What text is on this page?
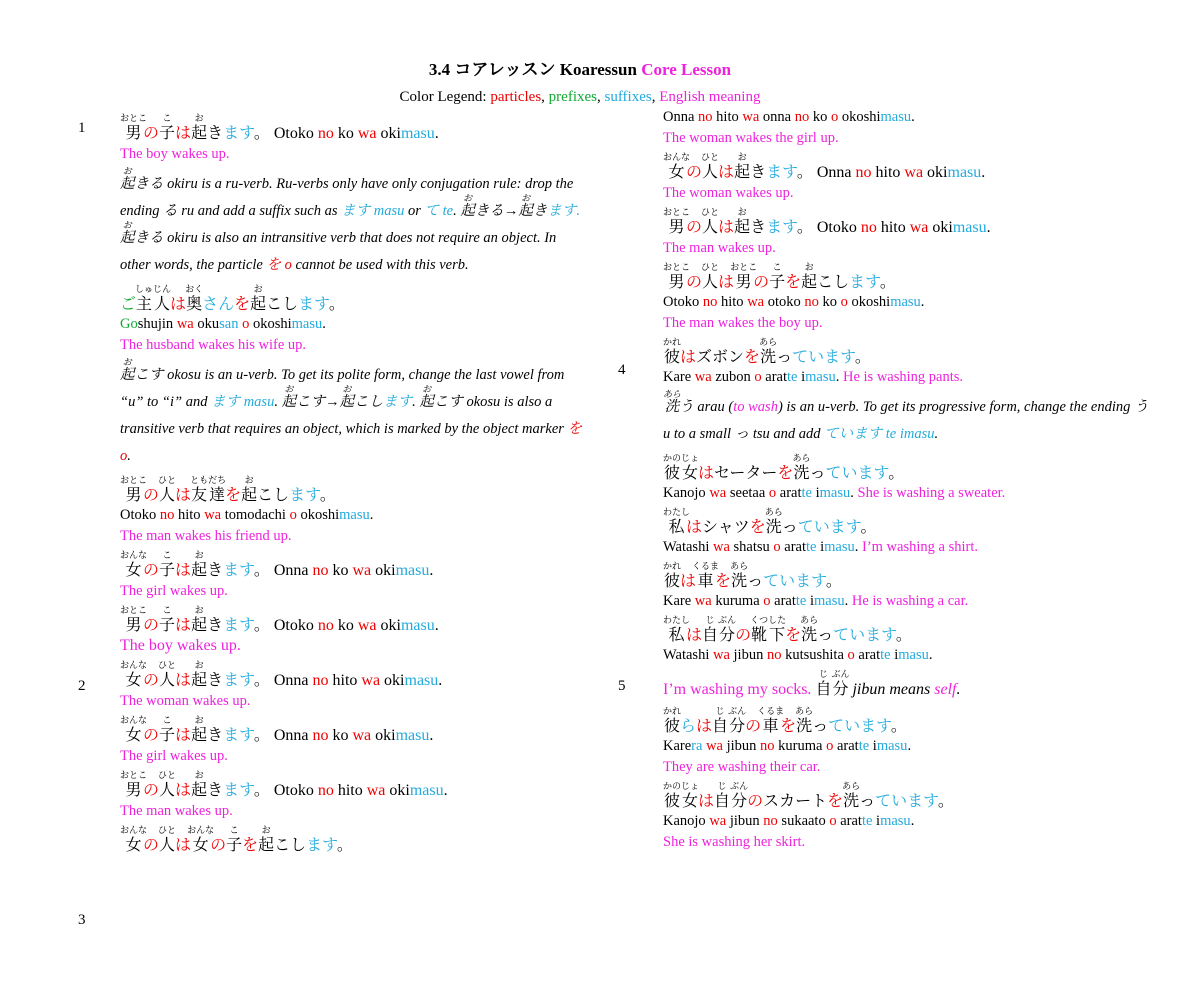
3.4 コアレッスン Koaressun Core Lesson
Color Legend: particles, prefixes, suffixes, English meaning
1
2
3
4
5
男おとこの子こは起おきます。 Otoko no ko wa okimasu.
The boy wakes up.
起おきる okiru is a ru-verb. Ru-verbs only have only conjugation rule: drop the ending る ru and add a suffix such as ます masu or て te. 起おきる→起おきます. 起おきる okiru is also an intransitive verb that does not require an object. In other words, the particle を o cannot be used with this verb.
ご主しゅ人じんは奥おくさんを起おこします。
Goshujin wa okusan o okoshimasu.
The husband wakes his wife up.
起おこす okosu is an u-verb. To get its polite form, change the last vowel from “u” to “i” and ます masu. 起おこす→起おこします. 起おこす okosu is also a transitive verb that requires an object, which is marked by the object marker を o.
男おとこの人ひとは友とも達だちを起おこします。
Otoko no hito wa tomodachi o okoshimasu.
The man wakes his friend up.
女おんなの子こは起おきます。 Onna no ko wa okimasu.
The girl wakes up.
男おとこの子こは起おきます。 Otoko no ko wa okimasu.
The boy wakes up.
女おんなの人ひとは起おきます。 Onna no hito wa okimasu.
The woman wakes up.
女おんなの子こは起おきます。 Onna no ko wa okimasu.
The girl wakes up.
男おとこの人ひとは起おきます。 Otoko no hito wa okimasu.
The man wakes up.
女おんなの人ひとは女おんなの子こを起おこします。
Onna no hito wa onna no ko o okoshimasu.
The woman wakes the girl up.
女おんなの人ひとは起おきます。 Onna no hito wa okimasu.
The woman wakes up.
男おとこの人ひとは起おきます。 Otoko no hito wa okimasu.
The man wakes up.
男おとこの人ひとは男おとこの子こを起おこします。
Otoko no hito wa otoko no ko o okoshimasu.
The man wakes the boy up.
彼かれはズボンを洗あらっています。
Kare wa zubon o aratte imasu. He is washing pants.
洗あらう arau (to wash) is an u-verb. To get its progressive form, change the ending う u to a small っ tsu and add ています te imasu.
彼かの女じょはセーターを洗あらっています。
Kanojo wa seetaa o aratte imasu. She is washing a sweater.
私わたしはシャツを洗あらっています。
Watashi wa shatsu o aratte imasu. I’m washing a shirt.
彼かれは車くるまを洗あらっています。
Kare wa kuruma o aratte imasu. He is washing a car.
私わたしは自じ分ぶんの靴くつ下したを洗あらっています。
Watashi wa jibun no kutsushita o aratte imasu.
I’m washing my socks. 自じ分ぶん jibun means self.
彼かれらは自じ分ぶんの車くるまを洗あらっています。
Karera wa jibun no kuruma o aratte imasu.
They are washing their car.
彼かの女じょは自じ分ぶんのスカートを洗あらっています。
Kanojo wa jibun no sukaato o aratte imasu.
She is washing her skirt.
